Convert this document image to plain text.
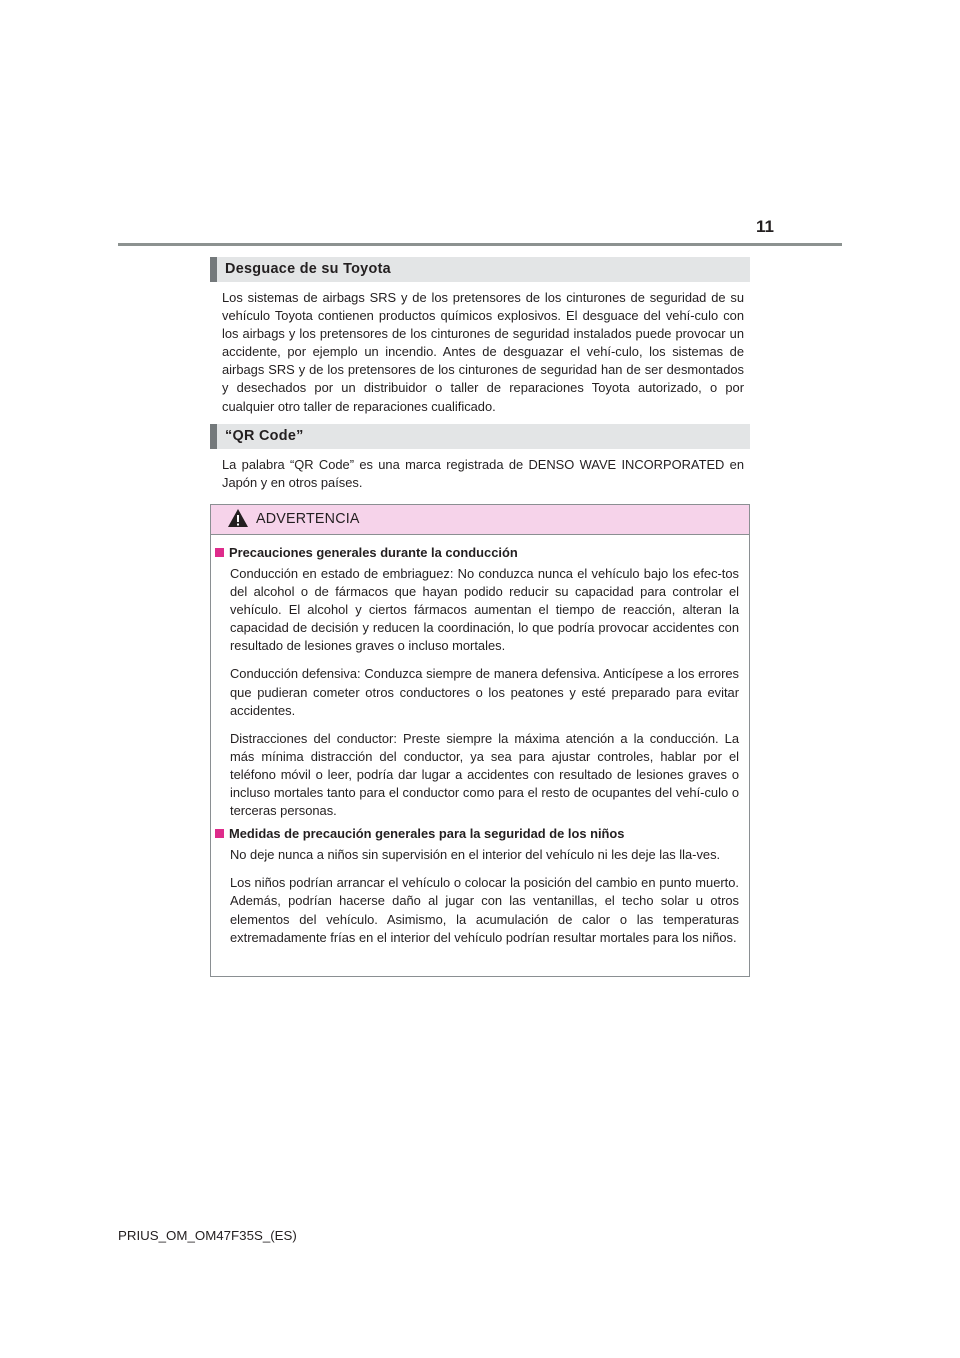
11
Desguace de su Toyota

Los sistemas de airbags SRS y de los pretensores de los cinturones de seguridad de su vehículo Toyota contienen productos químicos explosivos. El desguace del vehí-culo con los airbags y los pretensores de los cinturones de seguridad instalados puede provocar un accidente, por ejemplo un incendio. Antes de desguazar el vehí-culo, los sistemas de airbags SRS y de los pretensores de los cinturones de seguridad han de ser desmontados y desechados por un distribuidor o taller de reparaciones Toyota autorizado, o por cualquier otro taller de reparaciones cualificado.

“QR Code”

La palabra “QR Code” es una marca registrada de DENSO WAVE INCORPORATED en Japón y en otros países.

ADVERTENCIA
Precauciones generales durante la conducción

Conducción en estado de embriaguez: No conduzca nunca el vehículo bajo los efec-tos del alcohol o de fármacos que hayan podido reducir su capacidad para controlar el vehículo. El alcohol y ciertos fármacos aumentan el tiempo de reacción, alteran la capacidad de decisión y reducen la coordinación, lo que podría provocar accidentes con resultado de lesiones graves o incluso mortales.

Conducción defensiva: Conduzca siempre de manera defensiva. Anticípese a los errores que pudieran cometer otros conductores o los peatones y esté preparado para evitar accidentes.

Distracciones del conductor: Preste siempre la máxima atención a la conducción. La más mínima distracción del conductor, ya sea para ajustar controles, hablar por el teléfono móvil o leer, podría dar lugar a accidentes con resultado de lesiones graves o incluso mortales tanto para el conductor como para el resto de ocupantes del vehí-culo o terceras personas.

Medidas de precaución generales para la seguridad de los niños

No deje nunca a niños sin supervisión en el interior del vehículo ni les deje las lla-ves.

Los niños podrían arrancar el vehículo o colocar la posición del cambio en punto muerto. Además, podrían hacerse daño al jugar con las ventanillas, el techo solar u otros elementos del vehículo. Asimismo, la acumulación de calor o las temperaturas extremadamente frías en el interior del vehículo podrían resultar mortales para los niños.

PRIUS_OM_OM47F35S_(ES)
